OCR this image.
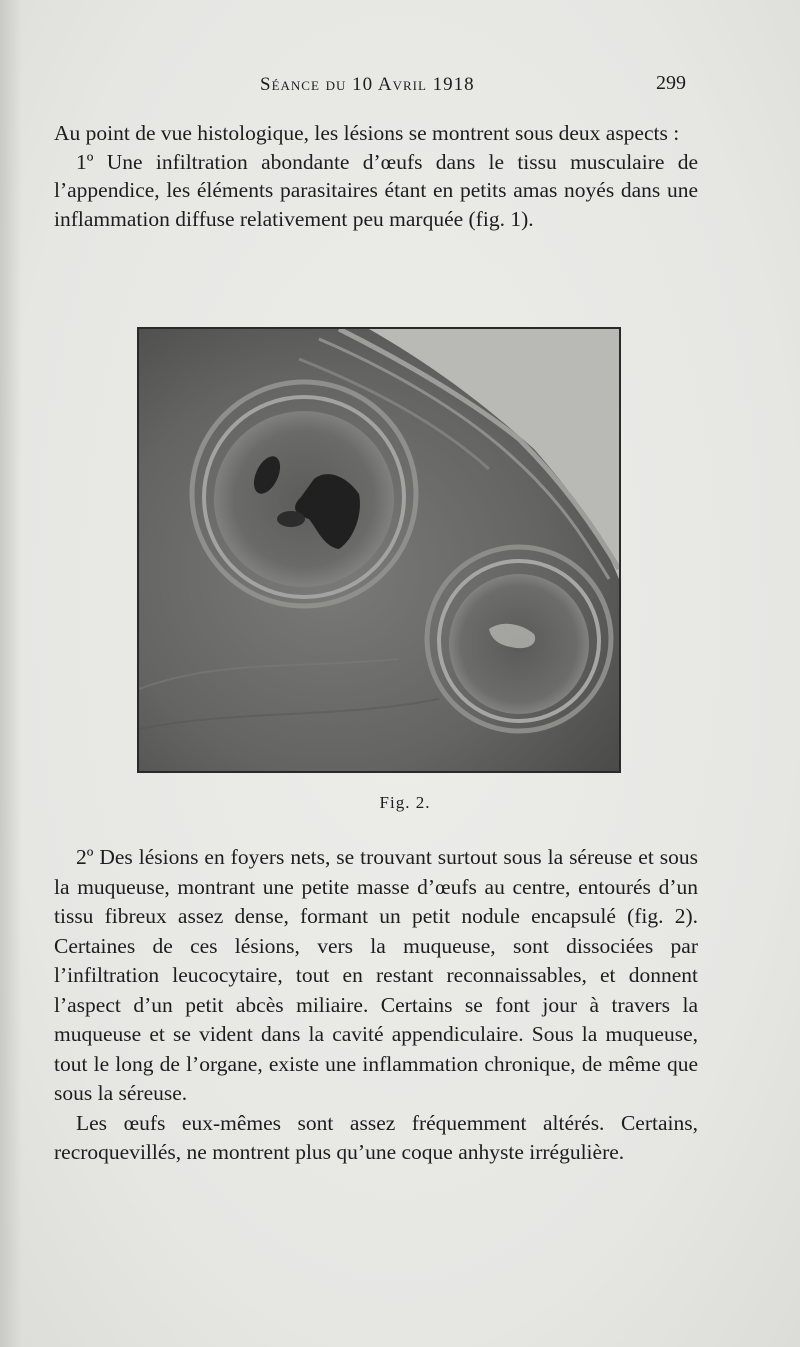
Séance du 10 Avril 1918	299

Au point de vue histologique, les lésions se montrent sous deux aspects :

1º Une infiltration abondante d’œufs dans le tissu musculaire de l’appendice, les éléments parasitaires étant en petits amas noyés dans une inflammation diffuse relativement peu marquée (fig. 1).

Fig. 2.

2º Des lésions en foyers nets, se trouvant surtout sous la séreuse et sous la muqueuse, montrant une petite masse d’œufs au centre, entourés d’un tissu fibreux assez dense, formant un petit nodule encapsulé (fig. 2). Certaines de ces lésions, vers la muqueuse, sont dissociées par l’infiltration leucocytaire, tout en restant reconnaissables, et donnent l’aspect d’un petit abcès miliaire. Certains se font jour à travers la muqueuse et se vident dans la cavité appendiculaire. Sous la muqueuse, tout le long de l’organe, existe une inflammation chronique, de même que sous la séreuse.

Les œufs eux-mêmes sont assez fréquemment altérés. Certains, recroquevillés, ne montrent plus qu’une coque anhyste irrégulière.
